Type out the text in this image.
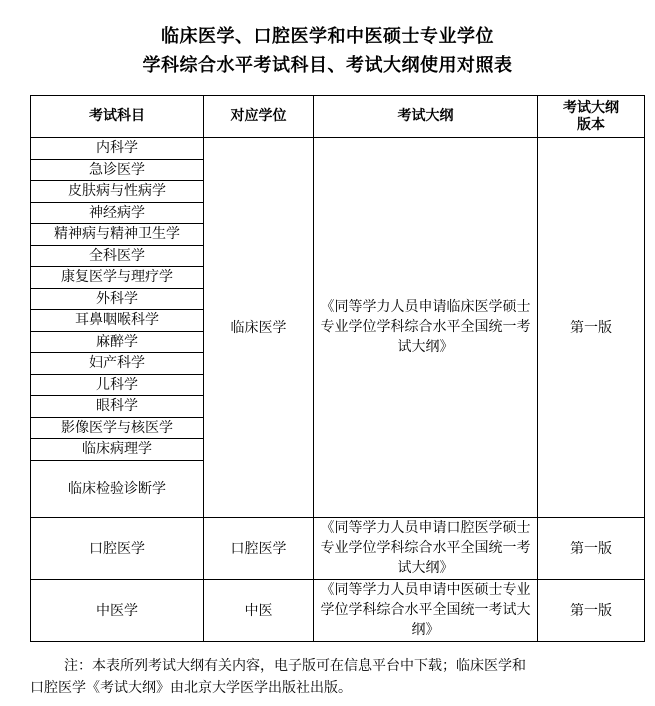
临床医学、口腔医学和中医硕士专业学位
学科综合水平考试科目、考试大纲使用对照表
考试科目	对应学位	考试大纲	考试大纲版本

内科学	临床医学	《同等学力人员申请临床医学硕士专业学位学科综合水平全国统一考试大纲》	第一版
急诊医学			
皮肤病与性病学			
神经病学			
精神病与精神卫生学			
全科医学			
康复医学与理疗学			
外科学			
耳鼻咽喉科学			
麻醉学			
妇产科学			
儿科学			
眼科学			
影像医学与核医学			
临床病理学			
临床检验诊断学			
口腔医学	口腔医学	《同等学力人员申请口腔医学硕士专业学位学科综合水平全国统一考试大纲》	第一版
中医学	中医	《同等学力人员申请中医硕士专业学位学科综合水平全国统一考试大纲》	第一版
注：本表所列考试大纲有关内容，电子版可在信息平台中下载；临床医学和
口腔医学《考试大纲》由北京大学医学出版社出版。
